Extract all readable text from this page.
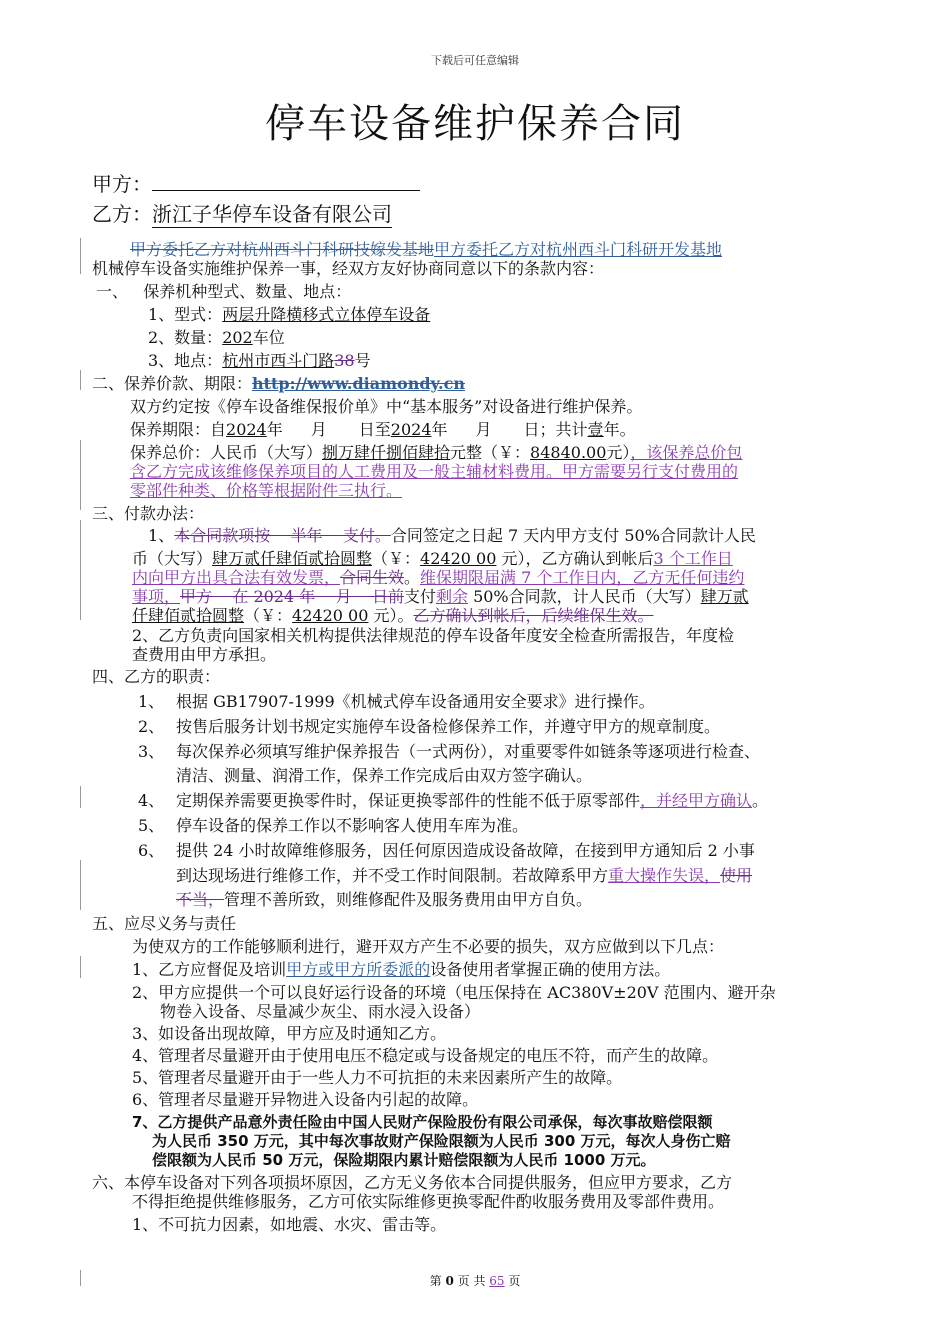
下载后可任意编辑
停车设备维护保养合同
甲方：
乙方：浙江子华停车设备有限公司
甲方委托乙方对杭州西斗门科研技嫁发基地甲方委托乙方对杭州西斗门科研开发基地
机械停车设备实施维护保养一事，经双方友好协商同意以下的条款内容：
一、   保养机种型式、数量、地点：
1、型式：两层升降横移式立体停车设备
2、数量：202车位
3、地点：杭州市西斗门路38号
二、保养价款、期限：http://www.diamondy.cn
双方约定按《停车设备维保报价单》中“基本服务”对设备进行维护保养。
保养期限：自2024年 月 日至2024年 月 日；共计壹年。
保养总价：人民币（大写）捌万肆仟捌佰肆拾元整（￥：84840.00元），该保养总价包
含乙方完成该维修保养项目的人工费用及一般主辅材料费用。甲方需要另行支付费用的
零部件种类、价格等根据附件三执行。
三、付款办法：
1、本合同款项按    半年    支付。合同签定之日起 7 天内甲方支付 50%合同款计人民
币（大写）肆万贰仟肆佰贰拾圆整（￥：42420 00 元），乙方确认到帐后3 个工作日
内向甲方出具合法有效发票，合同生效。维保期限届满 7 个工作日内，乙方无任何违约
事项，甲方    在 2024 年    月    日前支付剩余 50%合同款，计人民币（大写）肆万贰
仟肆佰贰拾圆整（￥：42420 00 元）。乙方确认到帐后，后续维保生效。
2、乙方负责向国家相关机构提供法律规范的停车设备年度安全检查所需报告，年度检
查费用由甲方承担。
四、乙方的职责：
1、 根据 GB17907-1999《机械式停车设备通用安全要求》进行操作。
2、 按售后服务计划书规定实施停车设备检修保养工作，并遵守甲方的规章制度。
3、 每次保养必须填写维护保养报告（一式两份），对重要零件如链条等逐项进行检查、
清洁、测量、润滑工作，保养工作完成后由双方签字确认。
4、 定期保养需要更换零件时，保证更换零部件的性能不低于原零部件，并经甲方确认。
5、 停车设备的保养工作以不影响客人使用车库为准。
6、 提供 24 小时故障维修服务，因任何原因造成设备故障，在接到甲方通知后 2 小事
到达现场进行维修工作，并不受工作时间限制。若故障系甲方重大操作失误，使用
不当，管理不善所致，则维修配件及服务费用由甲方自负。
五、应尽义务与责任
为使双方的工作能够顺利进行，避开双方产生不必要的损失，双方应做到以下几点：
1、乙方应督促及培训甲方或甲方所委派的设备使用者掌握正确的使用方法。
2、甲方应提供一个可以良好运行设备的环境（电压保持在 AC380V±20V 范围内、避开杂
物卷入设备、尽量减少灰尘、雨水浸入设备）
3、如设备出现故障，甲方应及时通知乙方。
4、管理者尽量避开由于使用电压不稳定或与设备规定的电压不符，而产生的故障。
5、管理者尽量避开由于一些人力不可抗拒的未来因素所产生的故障。
6、管理者尽量避开异物进入设备内引起的故障。
7、乙方提供产品意外责任险由中国人民财产保险股份有限公司承保，每次事故赔偿限额
为人民币 350 万元，其中每次事故财产保险限额为人民币 300 万元，每次人身伤亡赔
偿限额为人民币 50 万元，保险期限内累计赔偿限额为人民币 1000 万元。
六、本停车设备对下列各项损坏原因，乙方无义务依本合同提供服务，但应甲方要求，乙方
不得拒绝提供维修服务，乙方可依实际维修更换零配件酌收服务费用及零部件费用。
1、不可抗力因素，如地震、水灾、雷击等。
第 0 页 共 65 页
